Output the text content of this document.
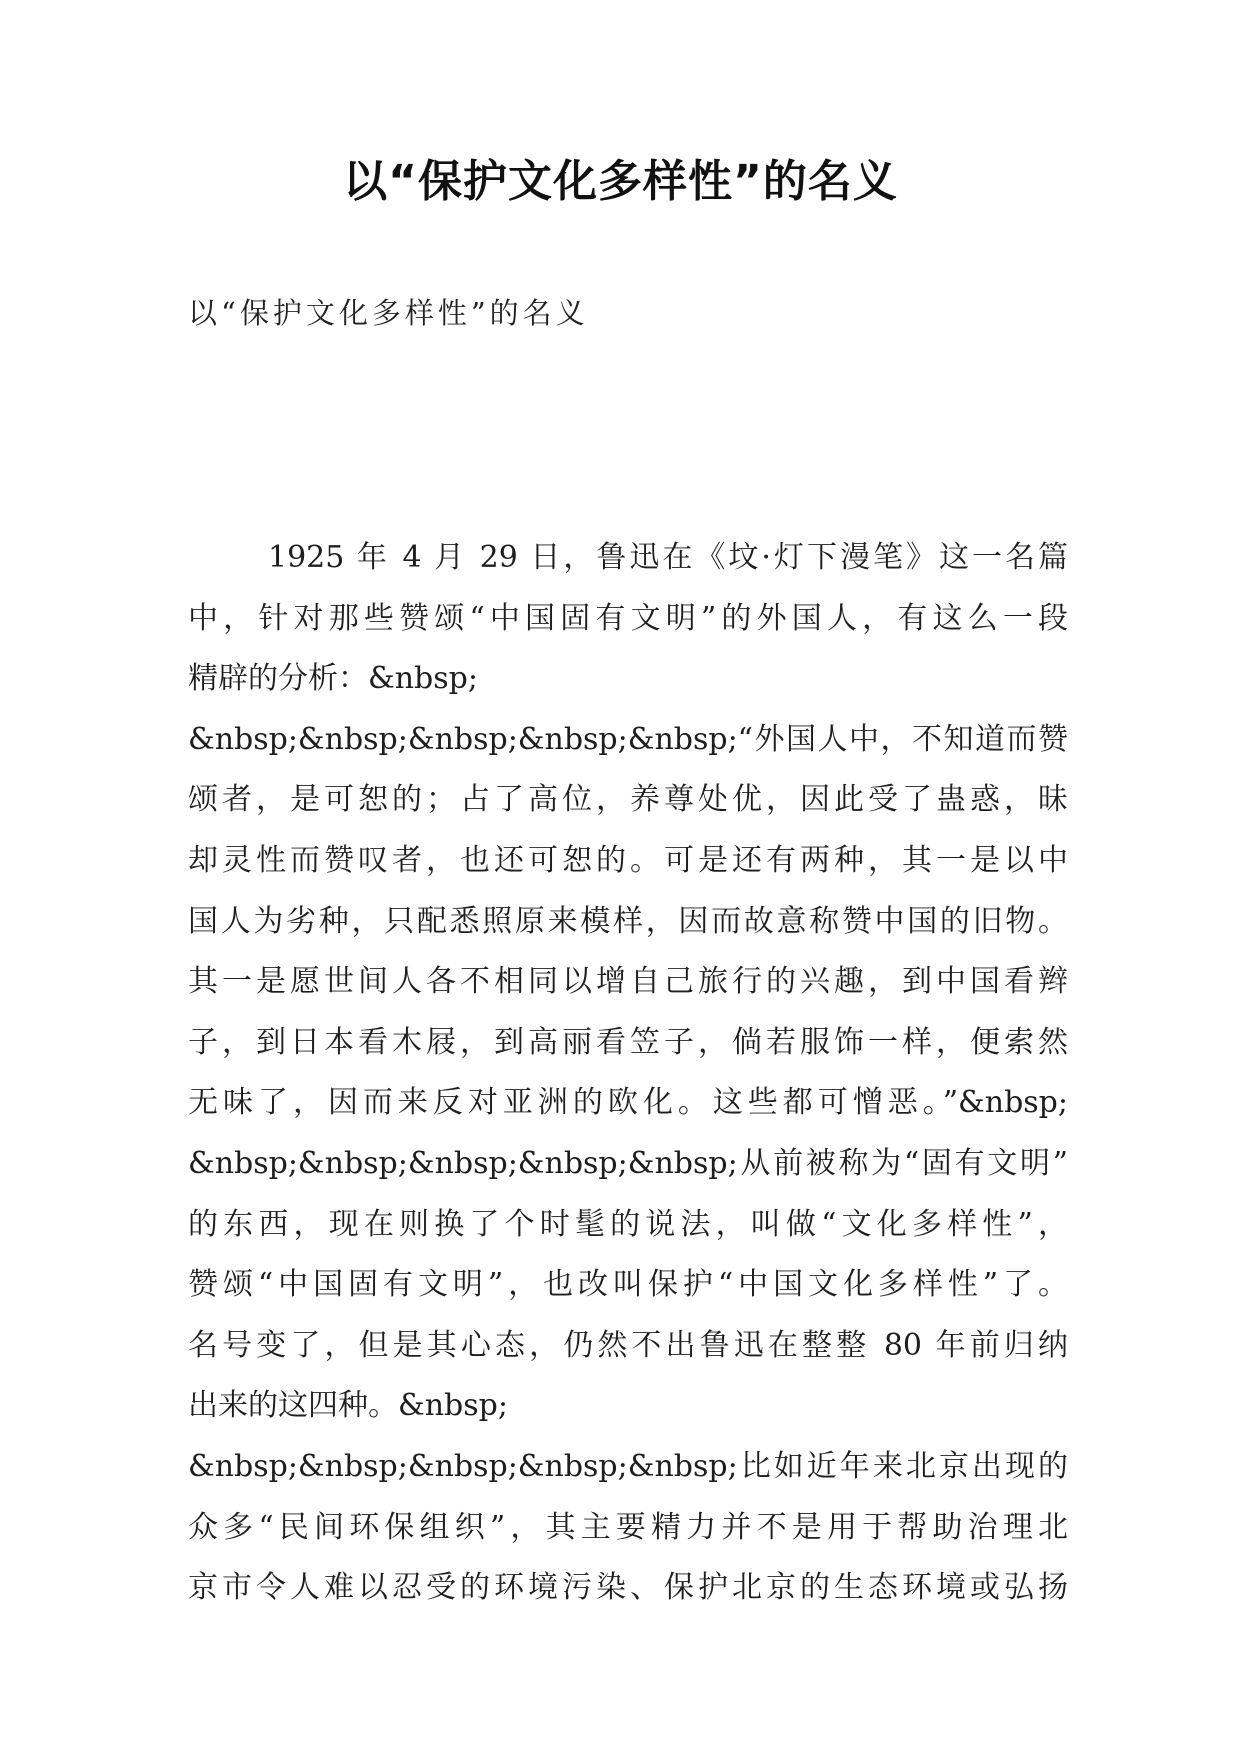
以“保护文化多样性”的名义

以“保护文化多样性”的名义

1925 年 4 月 29 日，鲁迅在《坟·灯下漫笔》这一名篇
中，针对那些赞颂“中国固有文明”的外国人，有这么一段
精辟的分析：&nbsp;
&nbsp;&nbsp;&nbsp;&nbsp;&nbsp;“外国人中，不知道而赞
颂者，是可恕的；占了高位，养尊处优，因此受了蛊惑，昧
却灵性而赞叹者，也还可恕的。可是还有两种，其一是以中
国人为劣种，只配悉照原来模样，因而故意称赞中国的旧物。
其一是愿世间人各不相同以增自己旅行的兴趣，到中国看辫
子，到日本看木屐，到高丽看笠子，倘若服饰一样，便索然
无味了，因而来反对亚洲的欧化。这些都可憎恶。”&nbsp;
&nbsp;&nbsp;&nbsp;&nbsp;&nbsp;从前被称为“固有文明”
的东西，现在则换了个时髦的说法，叫做“文化多样性”，
赞颂“中国固有文明”，也改叫保护“中国文化多样性”了。
名号变了，但是其心态，仍然不出鲁迅在整整 80 年前归纳
出来的这四种。&nbsp;
&nbsp;&nbsp;&nbsp;&nbsp;&nbsp;比如近年来北京出现的
众多“民间环保组织”，其主要精力并不是用于帮助治理北
京市令人难以忍受的环境污染、保护北京的生态环境或弘扬
